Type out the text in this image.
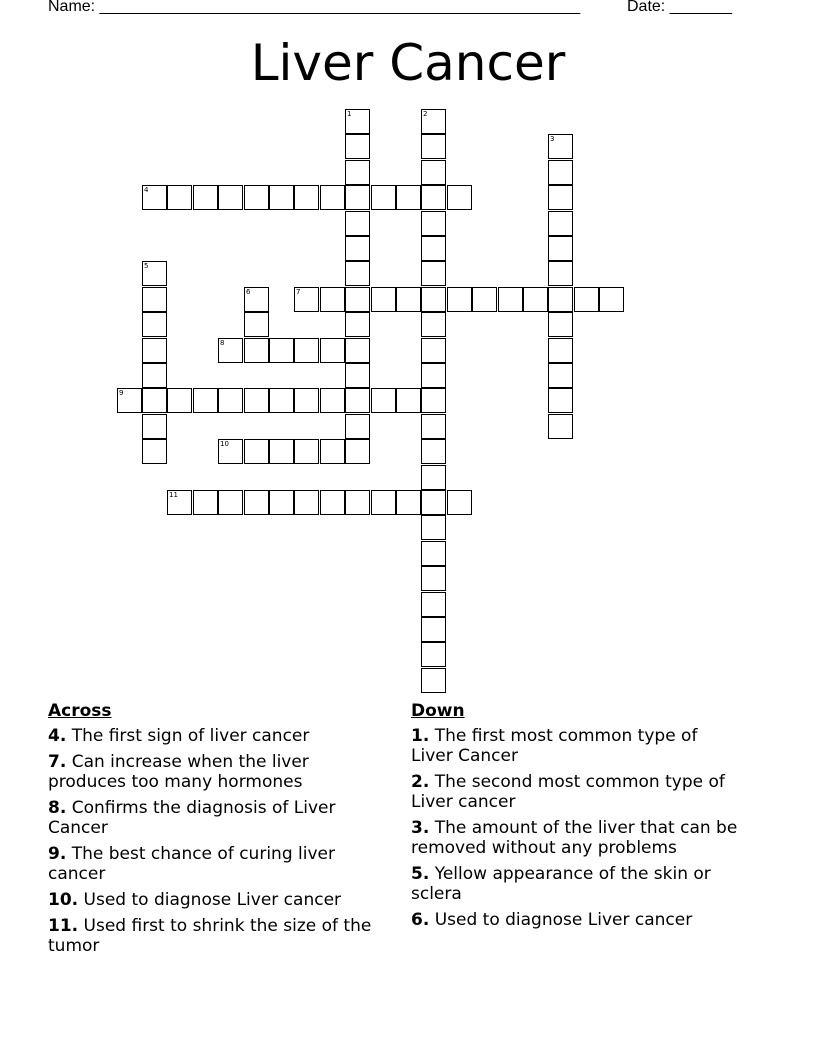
Name: ______________________________________________________	Date: _______
Liver Cancer
1	2
3
4
5
6	7
8
9
10
11
Across
4. The first sign of liver cancer
7. Can increase when the liver produces too many hormones
8. Confirms the diagnosis of Liver Cancer
9. The best chance of curing liver cancer
10. Used to diagnose Liver cancer
11. Used first to shrink the size of the tumor
Down
1. The first most common type of Liver Cancer
2. The second most common type of Liver cancer
3. The amount of the liver that can be removed without any problems
5. Yellow appearance of the skin or sclera
6. Used to diagnose Liver cancer
